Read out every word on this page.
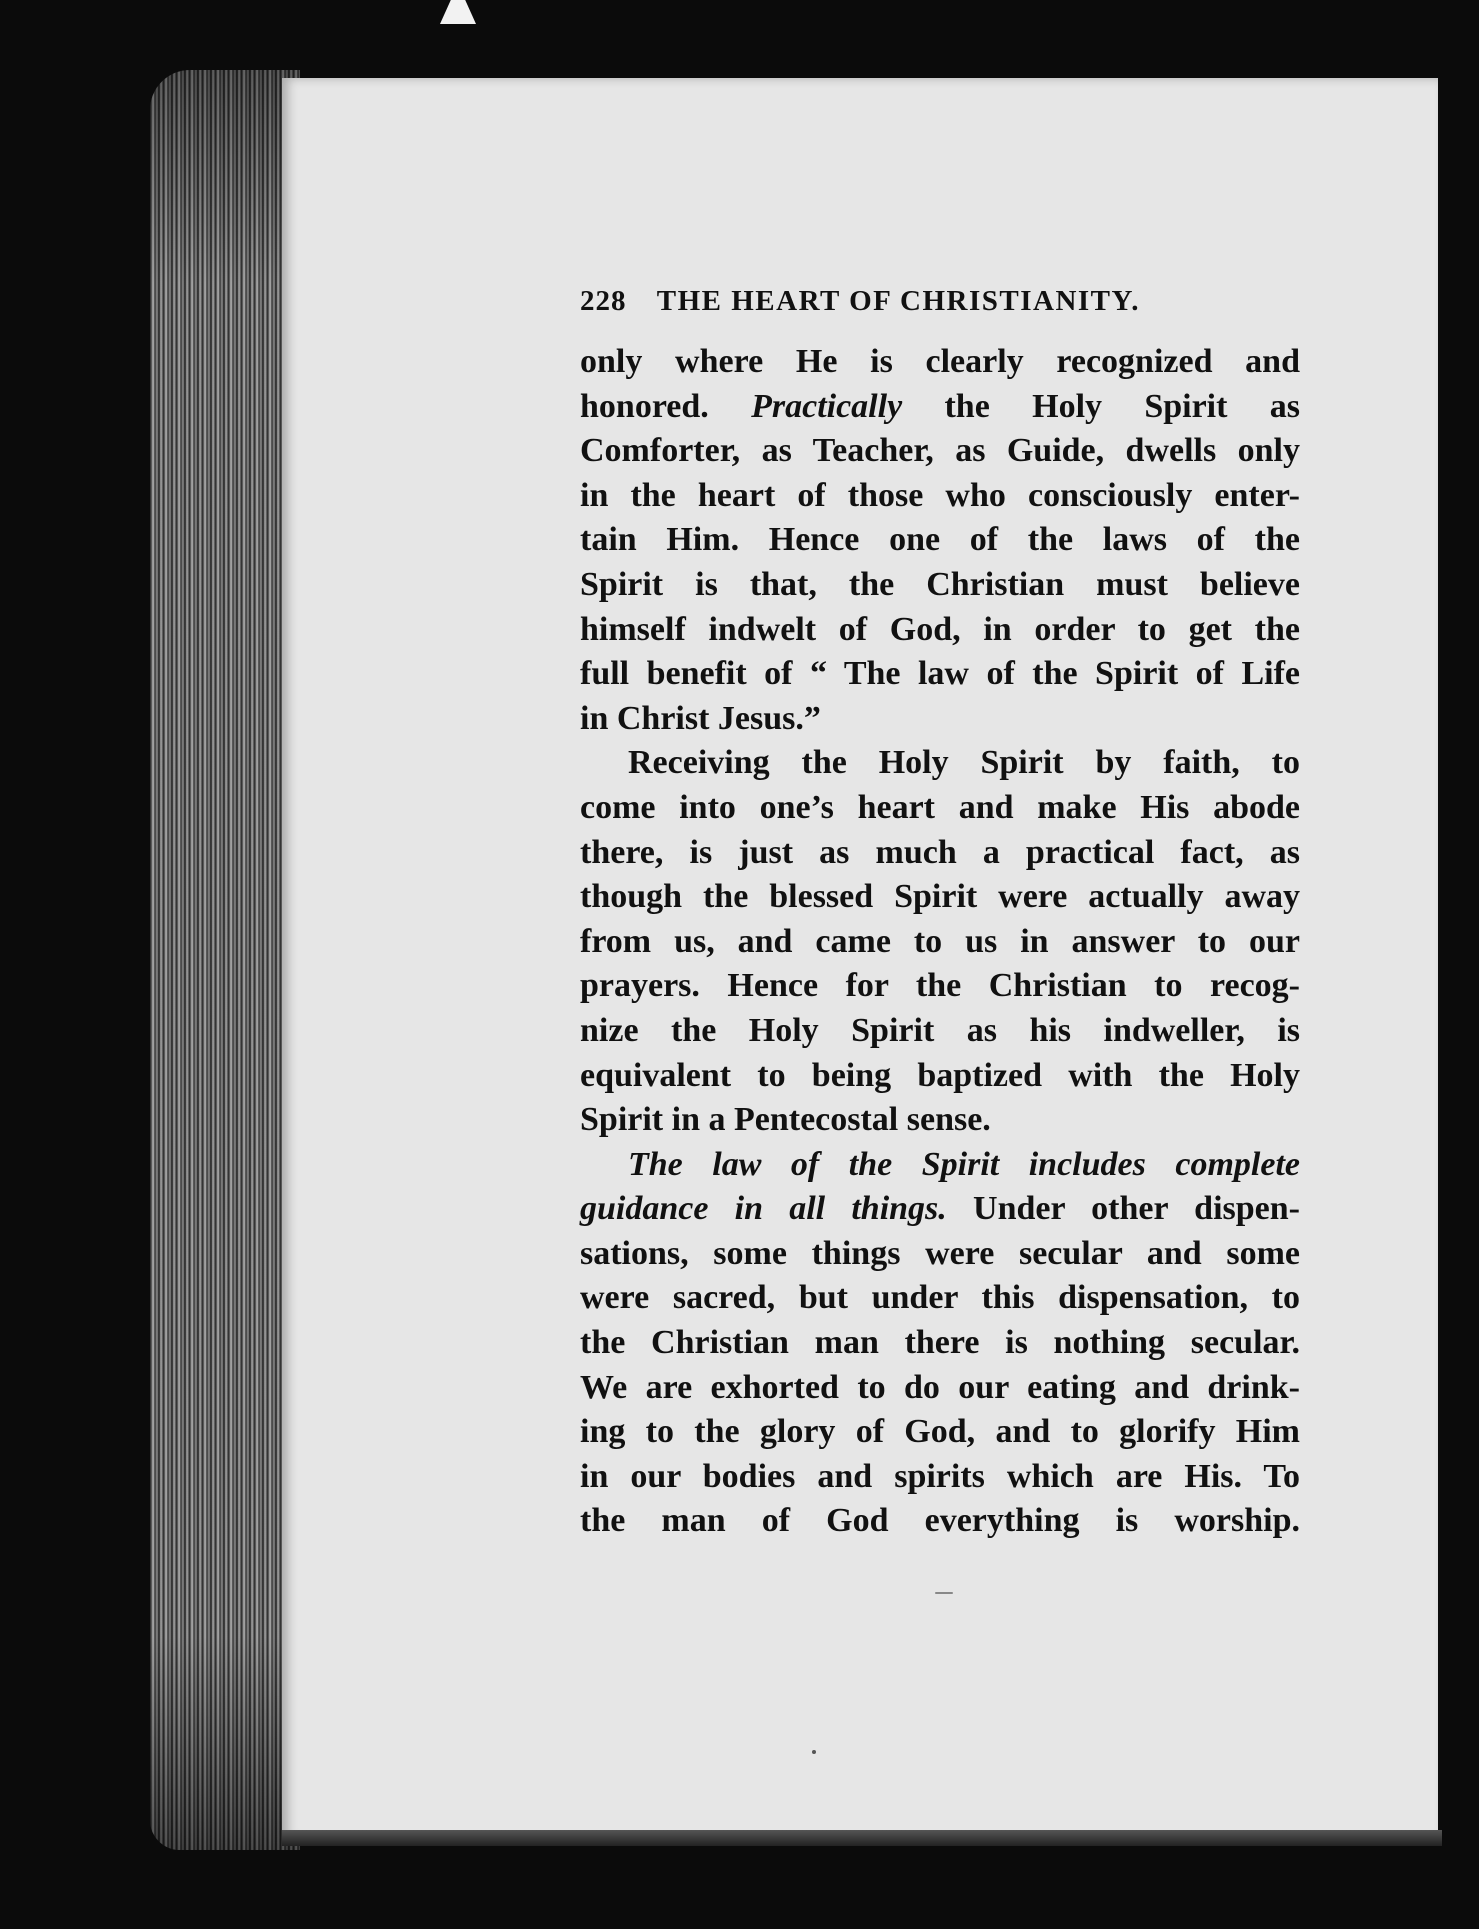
228 THE HEART OF CHRISTIANITY.
only where He is clearly recognized and
honored. Practically the Holy Spirit as
Comforter, as Teacher, as Guide, dwells only
in the heart of those who consciously enter-
tain Him. Hence one of the laws of the
Spirit is that, the Christian must believe
himself indwelt of God, in order to get the
full benefit of “ The law of the Spirit of Life
in Christ Jesus.”
Receiving the Holy Spirit by faith, to
come into one’s heart and make His abode
there, is just as much a practical fact, as
though the blessed Spirit were actually away
from us, and came to us in answer to our
prayers. Hence for the Christian to recog-
nize the Holy Spirit as his indweller, is
equivalent to being baptized with the Holy
Spirit in a Pentecostal sense.
The law of the Spirit includes complete
guidance in all things. Under other dispen-
sations, some things were secular and some
were sacred, but under this dispensation, to
the Christian man there is nothing secular.
We are exhorted to do our eating and drink-
ing to the glory of God, and to glorify Him
in our bodies and spirits which are His. To
the man of God everything is worship.
